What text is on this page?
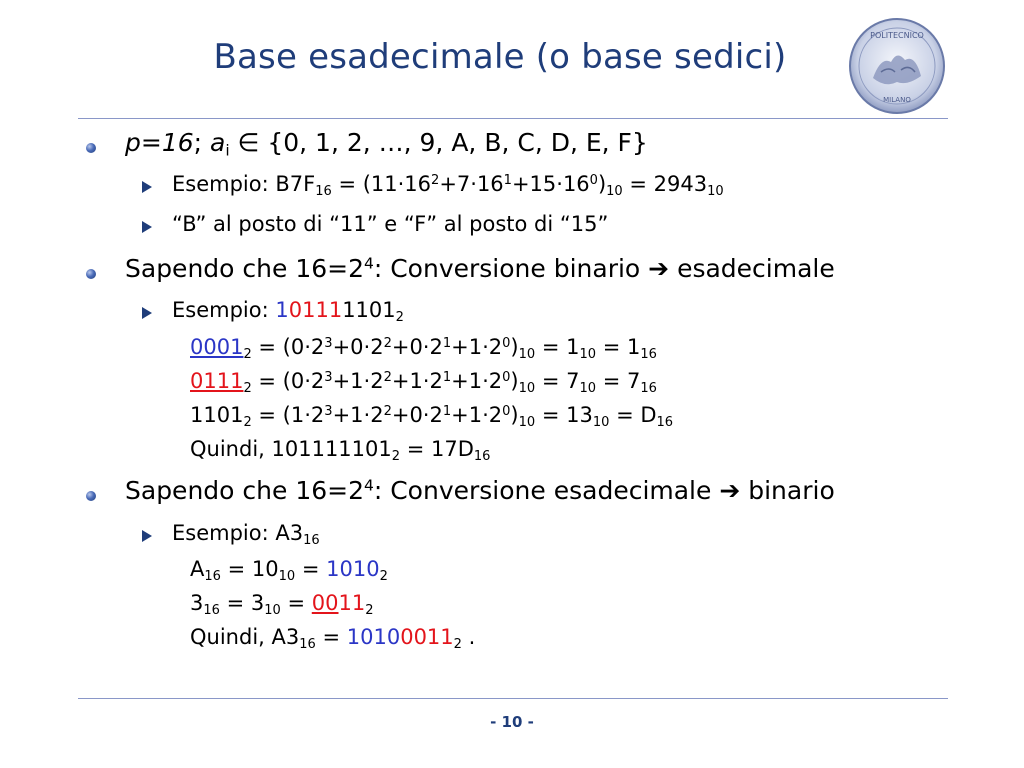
Base esadecimale (o base sedici)
POLITECNICO
MILANO
p=16; $a_i$ ∈ {0, 1, 2, …, 9, A, B, C, D, E, F}
Esempio: $B7F_{16} = (11\cdot 16^2+7\cdot 16^1+15\cdot 16^0)_{10} = 2943_{10}$
“B” al posto di “11” e “F” al posto di “15”
Sapendo che $16=2^4$: Conversione binario ➔ esadecimale
Esempio: $101111101_2$
$0001_2 = (0\cdot 2^3+0\cdot 2^2+0\cdot 2^1+1\cdot 2^0)_{10} = 1_{10} = 1_{16}$
$0111_2 = (0\cdot 2^3+1\cdot 2^2+1\cdot 2^1+1\cdot 2^0)_{10} = 7_{10} = 7_{16}$
$1101_2 = (1\cdot 2^3+1\cdot 2^2+0\cdot 2^1+1\cdot 2^0)_{10} = 13_{10} = D_{16}$
Quindi, $101111101_2 = 17D_{16}$
Sapendo che $16=2^4$: Conversione esadecimale ➔ binario
Esempio: $A3_{16}$
$A_{16} = 10_{10} = 1010_2$
$3_{16} = 3_{10} = 0011_2$
Quindi, $A3_{16} = 10100011_2$ .
- 10 -
